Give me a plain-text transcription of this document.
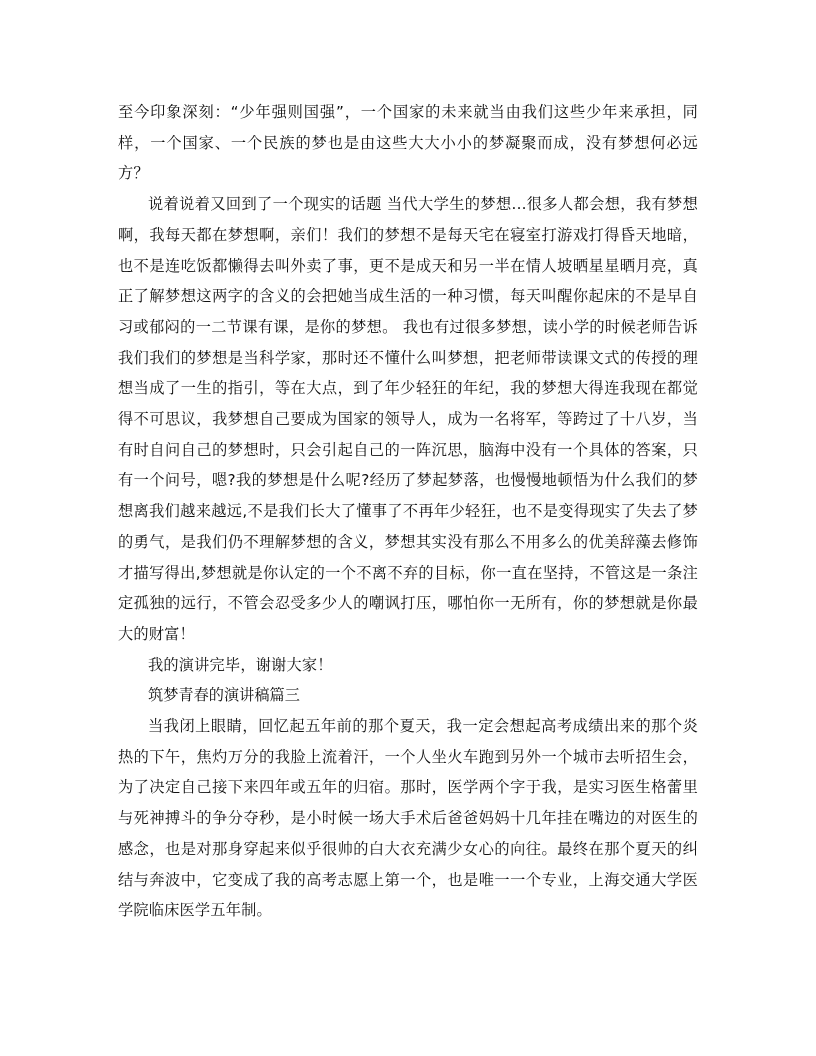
至今印象深刻：“少年强则国强”，一个国家的未来就当由我们这些少年来承担，同样，一个国家、一个民族的梦也是由这些大大小小的梦凝聚而成，没有梦想何必远方？

说着说着又回到了一个现实的话题 当代大学生的梦想...很多人都会想，我有梦想啊，我每天都在梦想啊，亲们！我们的梦想不是每天宅在寝室打游戏打得昏天地暗，也不是连吃饭都懒得去叫外卖了事，更不是成天和另一半在情人坡晒星星晒月亮，真正了解梦想这两字的含义的会把她当成生活的一种习惯，每天叫醒你起床的不是早自习或郁闷的一二节课有课，是你的梦想。 我也有过很多梦想，读小学的时候老师告诉我们我们的梦想是当科学家，那时还不懂什么叫梦想，把老师带读课文式的传授的理想当成了一生的指引，等在大点，到了年少轻狂的年纪，我的梦想大得连我现在都觉得不可思议，我梦想自己要成为国家的领导人，成为一名将军，等跨过了十八岁，当有时自问自己的梦想时，只会引起自己的一阵沉思，脑海中没有一个具体的答案，只有一个问号，嗯?我的梦想是什么呢?经历了梦起梦落，也慢慢地顿悟为什么我们的梦想离我们越来越远,不是我们长大了懂事了不再年少轻狂，也不是变得现实了失去了梦的勇气，是我们仍不理解梦想的含义，梦想其实没有那么不用多么的优美辞藻去修饰才描写得出,梦想就是你认定的一个不离不弃的目标，你一直在坚持，不管这是一条注定孤独的远行，不管会忍受多少人的嘲讽打压，哪怕你一无所有，你的梦想就是你最大的财富！

我的演讲完毕，谢谢大家！

筑梦青春的演讲稿篇三

当我闭上眼睛，回忆起五年前的那个夏天，我一定会想起高考成绩出来的那个炎热的下午，焦灼万分的我脸上流着汗，一个人坐火车跑到另外一个城市去听招生会，为了决定自己接下来四年或五年的归宿。那时，医学两个字于我，是实习医生格蕾里与死神搏斗的争分夺秒，是小时候一场大手术后爸爸妈妈十几年挂在嘴边的对医生的感念，也是对那身穿起来似乎很帅的白大衣充满少女心的向往。最终在那个夏天的纠结与奔波中，它变成了我的高考志愿上第一个，也是唯一一个专业，上海交通大学医学院临床医学五年制。
